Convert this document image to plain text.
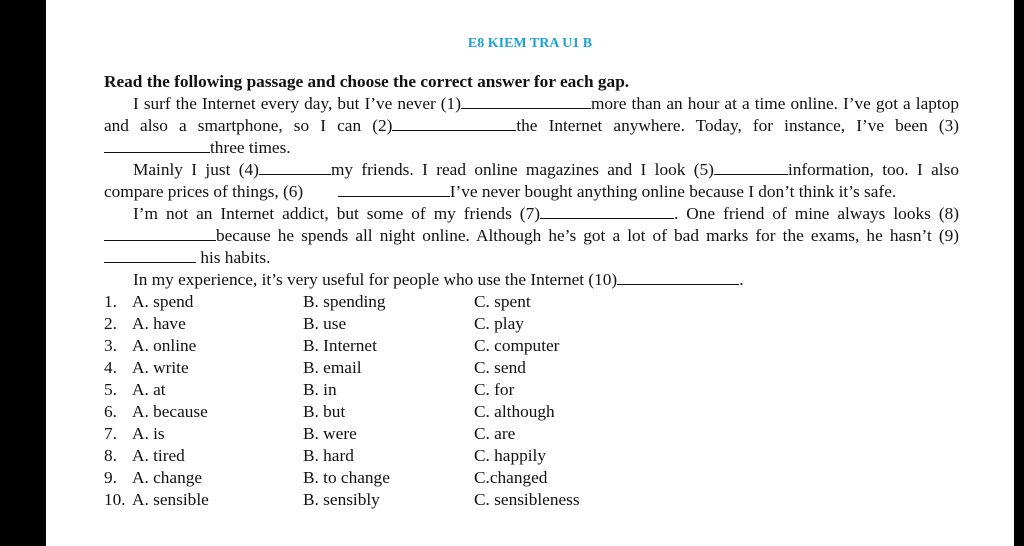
E8 KIEM TRA U1 B
Read the following passage and choose the correct answer for each gap.
I surf the Internet every day, but I’ve never (1)	more than an hour at a time online. I’ve got a laptop and also a smartphone, so I can (2)	the Internet anywhere. Today, for instance, I’ve been (3)three times.
Mainly I just (4)	my friends. I read online magazines and I look (5)	information, too. I also compare prices of things, (6)	I’ve never bought anything online because I don’t think it’s safe.
I’m not an Internet addict, but some of my friends (7)	. One friend of mine always looks (8) because he spends all night online. Although he’s got a lot of bad marks for the exams, he hasn’t (9) his habits.
In my experience, it’s very useful for people who use the Internet (10)	.
1. A. spend	B. spending	C. spent
2. A. have	B. use	C. play
3. A. online	B. Internet	C. computer
4. A. write	B. email	C. send
5. A. at	B. in	C. for
6. A. because	B. but	C. although
7. A. is	B. were	C. are
8. A. tired	B. hard	C. happily
9. A. change	B. to change	C.changed
10. A. sensible	B. sensibly	C. sensibleness
